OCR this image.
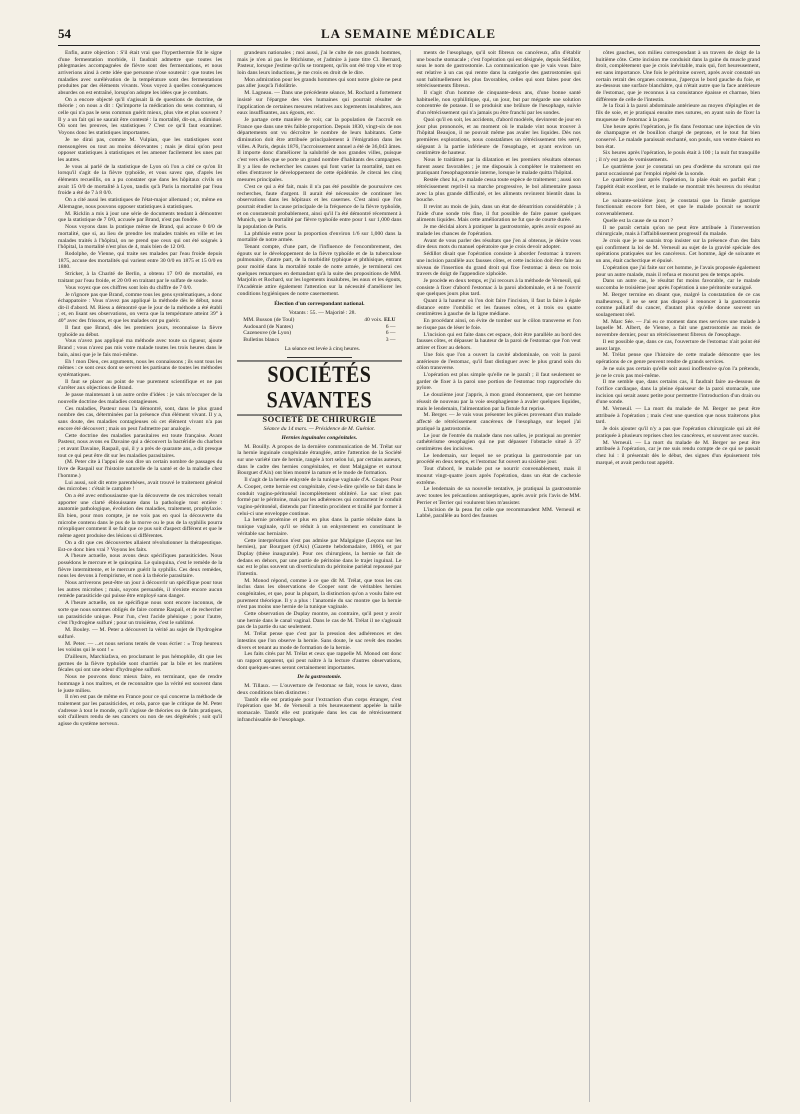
54	LA SEMAINE MÉDICALE

Enfin, autre objection : S'il était vrai que l'hyperthermie fût le signe d'une fermentation morbide, il faudrait admettre que toutes les phlegmasies accompagnées de fièvre sont des fermentations, et nous arriverions ainsi à cette idée que personne n'ose soutenir : que toutes les maladies avec surélévation de la température sont des fermentations produites par des éléments vivants. Vous voyez à quelles conséquences absurdes on est entraîné, lorsqu'on adopte les idées que je combats.

On a encore objecté qu'il s'agissait là de questions de doctrine, de théorie ; on nous a dit : Qu'importe la médication du sens commun, si celle qui n'a pas le sens commun guérit mieux, plus vite et plus souvent ? Il y a un fait qui ne saurait être contesté : la mortalité, dit-on, a diminué. Où sont les preuves, les statistiques ? C'est ce qu'il faut examiner. Voyons donc les statistiques importantes.

Je ne dirai pas, comme M. Vulpian, que les statistiques sont mensongères ou tout au moins décevantes ; mais je dirai qu'on peut opposer statistiques à statistiques et les amener facilement les unes par les autres.

Je vous ai parlé de la statistique de Lyon où l'on a cité ce qu'on lit lorsqu'il s'agit de la fièvre typhoïde, et vous savez que, d'après les éléments recueillis, on a pu constater que dans les hôpitaux civils on avait 15 0/0 de mortalité à Lyon, tandis qu'à Paris la mortalité par l'eau froide a été de 7 à 8 0/0.

On a cité aussi les statistiques de l'état-major allemand ; or, même en Allemagne, nous pouvons opposer statistiques à statistiques.

M. Ricklin a mis à jour une série de documents tendant à démontrer que la statistique de 7 0/0, accusée par Brand, n'est pas fondée.

Nous voyons dans la pratique même de Brand, qui accuse 0 0/0 de mortalité, que si, au lieu de prendre les malades traités en ville et les malades traités à l'hôpital, on ne prend que ceux qui ont été soignés à l'hôpital, la mortalité n'est plus de 4, mais bien de 12 0/0.

Rodolphe, de Vienne, qui traite ses malades par l'eau froide depuis 1875, accuse des mortalités qui varient entre 30 0/0 en 1875 et 15 0/0 en 1880.

Stricker, à la Charité de Berlin, a obtenu 17 0/0 de mortalité, en traitant par l'eau froide, et 20 0/0 en traitant par le sulfate de soude.

Vous voyez que ces chiffres sont loin du chiffre de 7 0/0.

Je n'ignore pas que Brand, comme tous les gens systématiques, a donc échappatoire : Vous n'avez pas appliqué la méthode dès le début, nous dit-il d'abord. M. Riess a démontré que le jour de la méthode a été établi ; et, en lisant ses observations, on verra que la température atteint 39° à 40° avec des frissons, et que les malades ont pu guérir.

Il faut que Brand, dès les premiers jours, reconnaisse la fièvre typhoïde au début.

Vous n'avez pas appliqué ma méthode avec toute sa rigueur, ajoute Brand ; vous n'avez pas mis votre malade toutes les trois heures dans le bain, ainsi que je le fais moi-même.

Eh ! mon Dieu, ces arguments, nous les connaissons ; ils sont tous les mêmes : ce sont ceux dont se servent les partisans de toutes les méthodes systématiques.

Il faut se placer au point de vue purement scientifique et ne pas s'arrêter aux objections de Brand.

Je passe maintenant à un autre ordre d'idées : je vais m'occuper de la nouvelle doctrine des maladies contagieuses.

Ces maladies, Pasteur nous l'a démontré, sont, dans le plus grand nombre des cas, déterminées par la présence d'un élément vivant. Il y a, sans doute, des maladies contagieuses où cet élément vivant n'a pas encore été découvert ; mais on peut l'admettre par analogie.

Cette doctrine des maladies parasitaires est toute française. Avant Pasteur, nous avons eu Davaine qui a découvert la bactéridie du charbon ; et avant Davaine, Raspail, qui, il y a près de quarante ans, a dit presque tout ce qui peut être dit sur les maladies parasitaires.

(M. Peter cite à l'appui de son dire un certain nombre de passages du livre de Raspail sur l'histoire naturelle de la santé et de la maladie chez l'homme.)

Lui aussi, soit dit entre parenthèses, avait trouvé le traitement général des microbes : c'était le camphre !

On a été avec enthousiasme que la découverte de ces microbes venait apporter une clarté éblouissante dans la pathologie tout entière : anatomie pathologique, évolution des maladies, traitement, prophylaxie. Eh bien, pour mon compte, je ne vois pas en quoi la découverte du microbe contenu dans le pus de la morve ou le pus de la syphilis pourra m'expliquer comment il se fait que ce pus soit d'aspect différent et que le même agent produise des lésions si différentes.

On a dit que ces découvertes allaient révolutionner la thérapeutique. Est-ce donc bien vrai ? Voyons les faits.

A l'heure actuelle, nous avons deux spécifiques parasiticides. Nous possédons le mercure et le quinquina. Le quinquina, c'est le remède de la fièvre intermittente, et le mercure guérit la syphilis. Ces deux remèdes, nous les devons à l'empirisme, et non à la théorie parasitaire.

Nous arriverons peut-être un jour à découvrir un spécifique pour tous les autres microbes ; mais, soyons persuadés, il n'existe encore aucun remède parasiticide qui puisse être employé sans danger.

A l'heure actuelle, on ne spécifique nous sont encore inconnus, de sorte que nous sommes obligés de faire comme Raspail, et de rechercher un parasiticide unique. Pour l'un, c'est l'acide phénique ; pour l'autre, c'est l'hydrogène sulfuré ; pour un troisième, c'est le sublimé.

M. Bouley. — M. Peter a découvert la vérité au sujet de l'hydrogène sulfuré.

M. Peter. — ...et nous serions tentés de vous écrier : « Trop heureux les voisins qui le sont ! »

D'ailleurs, Marchiafava, en proclamant le pus hémophile, dit que les germes de la fièvre typhoïde sont charriés par la bile et les matières fécales qui ont une odeur d'hydrogène sulfuré.

Nous ne pouvons donc mieux faire, en terminant, que de rendre hommage à nos maîtres, et de reconnaître que la vérité est souvent dans le juste milieu.

Il n'en est pas de même en France pour ce qui concerne la méthode de traitement par les parasiticides, et cela, parce que le critique de M. Peter s'adresse à tout le monde, qu'il s'agisse de théories ou de faits pratiques, soit d'ailleurs rendu de ses cancers ou non de ses dégénérés ; soit qu'il agisse du système nerveux.

grandeurs nationales ; moi aussi, j'ai le culte de nos grands hommes, mais je n'en ai pas le fétichisme, et j'admire à juste titre Cl. Bernard, Pasteur, lorsque j'estime qu'ils se trompent, qu'ils ont été trop vite et trop loin dans leurs inductions, je me crois en droit de le dire.

Mon admiration pour les grands hommes qui sont notre gloire ne peut pas aller jusqu'à l'idolâtrie.

M. Lagneau. — Dans une précédente séance, M. Rochard a fortement insisté sur l'épargne des vies humaines qui pourrait résulter de l'application de certaines mesures relatives aux logements insalubres, aux eaux insuffisantes, aux égouts, etc.

Je partage cette manière de voir, car la population de l'accroît en France que dans une très faible proportion. Depuis 1830, vingt-six de nos départements ont vu décroître le nombre de leurs habitants. Cette diminution doit être attribuée principalement à l'émigration dans les villes. A Paris, depuis 1876, l'accroissement annuel a été de 36,043 âmes. Il importe donc d'améliorer la salubrité de nos grandes villes, puisque c'est vers elles que se porte un grand nombre d'habitants des campagnes. Il y a lieu de rechercher les causes qui font varier la mortalité, tant en elles d'entraver le développement de cette épidémie. Je citerai les cinq mesures principales.

C'est ce qui a été fait, mais il n'a pas été possible de poursuivre ces recherches, faute d'argent. Il aurait été nécessaire de continuer les observations dans les hôpitaux et les casernes. C'est ainsi que l'on pourrait étudier la cause principale de la fréquence de la fièvre typhoïde, et on constaterait probablement, ainsi qu'il l'a été démontré récemment à Munich, que la mortalité par fièvre typhoïde entre pour 1 sur 1,000 dans la population de Paris.

La phthisie entre pour la proportion d'environ 1/6 sur 1,000 dans la mortalité de notre armée.

Tenant compte, d'une part, de l'influence de l'encombrement, des égouts sur le développement de la fièvre typhoïde et de la tuberculose pulmonaire, d'autre part, de la morbidité typhique et phthisique, entrant pour moitié dans la mortalité totale de notre armée, je terminerai ces quelques remarques en demandant qu'à la suite des propositions de MM. Marjolin et Rochard, sur les logements insalubres, les eaux et les égouts, l'Académie attire également l'attention sur la nécessité d'améliorer les conditions hygiéniques de notre casernement.

Élection d'un correspondant national.
Votants : 55. — Majorité : 28.
MM. Busson (de Toul)	40 voix. ELU
Audouard (de Nantes)	6 —
Cazeneuve (de Lyon)	6 —
Bulletins blancs	3 —
La séance est levée à cinq heures.
SOCIÉTÉS SAVANTES
SOCIÉTÉ DE CHIRURGIE
Séance du 14 mars. — Présidence de M. Guéniot.
Hernies inguinales congénitales.

M. Bouilly. A propos de la dernière communication de M. Trélat sur la hernie inguinale congénitale étranglée, attire l'attention de la Société sur une variété rare de hernie, rangée à tort selon lui, par certains auteurs, dans le cadre des hernies congénitales, et dont Malgaigne et surtout Bourguet d'Aix) ont bien montré la nature et le mode de formation.

Il s'agit de la hernie enkystée de la tunique vaginale d'A. Cooper. Pour A. Cooper, cette hernie est congénitale, c'est-à-dire qu'elle se fait dans le conduit vagino-péritonéal incomplètement oblitéré. Le sac n'est pas formé par le péritoine, mais par les adhérences qui contractent le conduit vagino-péritonéal, distendu par l'intestin procident et tiraillé par former à celui-ci une enveloppe continue.

La hernie proémine et plus en plus dans la partie réduite dans la tunique vaginale, qu'il se réduit à un enkystement en constituant le véritable sac herniaire.

Cette interprétation n'est pas admise par Malgaigne (Leçons sur les hernies), par Bourguet (d'Aix) (Gazette hebdomadaire, 1866), et par Duplay (thèse inaugurale). Pour ces chirurgiens, la hernie se fait de dedans en dehors, par une partie de péritoine dans le trajet inguinal. Le sac est le plus souvent un diverticulum du péritoine pariétal repoussé par l'intestin.

M. Monod répond, comme à ce que dit M. Trélat, que tous les cas inclus dans les observations de Cooper sont de véritables hernies congénitales, et que, pour la plupart, la distinction qu'on a voulu faire est purement théorique. Il y a plus : l'anatomie du sac montre que la hernie n'est pas moins une hernie de la tunique vaginale.

Cette observation de Duplay montre, au contraire, qu'il peut y avoir une hernie dans le canal vaginal. Dans le cas de M. Trélat il ne s'agissait pas de la partie du sac seulement.

M. Trélat pense que c'est par la pression des adhérences et des intestins que l'on observe la hernie. Sans doute, le sac revêt des modes divers et tenant au mode de formation de la hernie.

Les faits cités par M. Trélat et ceux que rappelle M. Monod ont donc un rapport apparent, qui peut naître à la lecture d'autres observations, dont quelques-unes seront certainement importantes.

De la gastrostomie.

M. Tillaux. — L'ouverture de l'estomac se fait, vous le savez, dans deux conditions bien distinctes :

Tantôt elle est pratiquée pour l'extraction d'un corps étranger, c'est l'opération que M. de Verneuil a très heureusement appelée la taille stomacale. Tantôt elle est pratiquée dans les cas de rétrécissement infranchissable de l'œsophage.

ments de l'œsophage, qu'il soit fibreux ou cancéreux, afin d'établir une bouche stomacale ; c'est l'opération qui est désignée, depuis Sédillot, sous le nom de gastrostomie. La communication que je vais vous faire est relative à un cas qui rentre dans la catégorie des gastrostomies qui sont habituellement les plus favorables, celles qui sont faites pour des rétrécissements fibreux.

Il s'agit d'un homme de cinquante-deux ans, d'une bonne santé habituelle, non syphilitique, qui, un jour, but par mégarde une solution concentrée de potasse. Il se produisit une brûlure de l'œsophage, suivie d'un rétrécissement qui n'a jamais pu être franchi par les sondes.

Quoi qu'il en soit, les accidents, d'abord modérés, devinrent de jour en jour plus prononcés, et au moment où le malade vint nous trouver à l'hôpital Beaujon, il ne pouvait même pas avaler les liquides. Dès nos premières explorations, nous constatâmes un rétrécissement très serré, siégeant à la partie inférieure de l'œsophage, et ayant environ un centimètre de hauteur.

Nous le traitâmes par la dilatation et les premiers résultats obtenus furent assez favorables ; je me disposais à compléter le traitement en pratiquant l'œsophagotomie interne, lorsque le malade quitta l'hôpital.

Restée chez lui, ce malade cessa toute espèce de traitement ; aussi son rétrécissement reprit-il sa marche progressive, le bol alimentaire passa avec la plus grande difficulté, et les aliments revinrent bientôt dans la bouche.

Il revint au mois de juin, dans un état de dénutrition considérable ; à l'aide d'une sonde très fine, il fut possible de faire passer quelques aliments liquides. Mais cette amélioration ne fut que de courte durée.

Je me décidai alors à pratiquer la gastrostomie, après avoir exposé au malade les chances de l'opération.

Avant de vous parler des résultats que j'en ai obtenus, je désire vous dire deux mots du manuel opératoire que je crois devoir adopter.

Sédillot disait que l'opération consiste à aborder l'estomac à travers une incision parallèle aux fausses côtes, et cette incision doit être faite au niveau de l'insertion du grand droit qui fixe l'estomac à deux ou trois travers de doigt de l'appendice xiphoïde.

Je procède en deux temps, et j'ai recours à la méthode de Verneuil, qui consiste à fixer d'abord l'estomac à la paroi abdominale, et à ne l'ouvrir que quelques jours plus tard.

Quant à la hauteur où l'on doit faire l'incision, il faut la faire à égale distance entre l'ombilic et les fausses côtes, et à trois ou quatre centimètres à gauche de la ligne médiane.

En procédant ainsi, on évite de tomber sur le côlon transverse et l'on ne risque pas de léser le foie.

L'incision qui est faite dans cet espace, doit être parallèle au bord des fausses côtes, et dépasser la hauteur de la paroi de l'estomac que l'on veut attirer et fixer au dehors.

Une fois que l'on a ouvert la cavité abdominale, on voit la paroi antérieure de l'estomac, qu'il faut distinguer avec le plus grand soin du côlon transverse.

L'opération est plus simple qu'elle ne le paraît ; il faut seulement se garder de fixer à la paroi une portion de l'estomac trop rapprochée du pylore.

Le douzième jour j'appris, à mon grand étonnement, que cet homme réussit de nouveau par la voie œsophagienne à avaler quelques liquides, mais le lendemain, l'alimentation par la fistule fut reprise.

M. Berger. — Je vais vous présenter les pièces provenant d'un malade affecté de rétrécissement cancéreux de l'œsophage, sur lequel j'ai pratiqué la gastrostomie.

Le jour de l'entrée du malade dans nos salles, je pratiquai au premier cathétérisme œsophagien qui ne put dépasser l'obstacle situé à 37 centimètres des incisives.

Le lendemain, sur lequel ne se pratiqua la gastrostomie par un procédé en deux temps, et l'estomac fut ouvert au sixième jour.

Tout d'abord, le malade put se nourrir convenablement, mais il mourut vingt-quatre jours après l'opération, dans un état de cachexie extrême.

Le lendemain de sa nouvelle tentative, je pratiquai la gastrostomie avec toutes les précautions antiseptiques, après avoir pris l'avis de MM. Perrier et Terrier qui voulurent bien m'assister.

L'incision de la peau fut celle que recommandent MM. Verneuil et Labbé, parallèle au bord des fausses

côtes gauches, son milieu correspondant à un travers de doigt de la huitième côte. Cette incision me conduisit dans la gaine du muscle grand droit, complètement que je crois inévitable, mais qui, fort heureusement, est sans importance. Une fois le péritoine ouvert, après avoir constaté un certain retrait des organes contenus, j'aperçus le bord gauche du foie, et au-dessous une surface blanchâtre, qui n'était autre que la face antérieure de l'estomac, que je reconnus à sa consistance épaisse et charnue, bien différente de celle de l'intestin.

Je la fixai à la paroi abdominale antérieure au moyen d'épingles et de fils de soie, et je pratiquai ensuite mes sutures, en ayant soin de fixer la muqueuse de l'estomac à la peau.

Une heure après l'opération, je fis dans l'estomac une injection de vin de champagne et de bouillon chargé de peptone, et le tout fut bien conservé. Le malade paraissait enchanté, son pouls, son ventre étaient en bon état.

Six heures après l'opération, le pouls était à 100 ; la nuit fut tranquille ; il n'y eut pas de vomissements.

Le quatrième jour je constatai un peu d'œdème du scrotum qui me parut occasionné par l'emploi répété de la sonde.

Le quatrième jour après l'opération, la plaie était en parfait état ; l'appétit était excellent, et le malade se montrait très heureux du résultat obtenu.

Le soixante-seizième jour, je constatai que la fistule gastrique fonctionnait encore fort bien, et que le malade pouvait se nourrir convenablement.

Quelle est la cause de sa mort ?

Il ne paraît certain qu'on ne peut être attribuée à l'intervention chirurgicale, mais à l'affaiblissement progressif du malade.

Je crois que je ne saurais trop insister sur la présence d'un des faits qui confirment la loi de M. Verneuil au sujet de la gravité spéciale des opérations pratiquées sur les cancéreux. Cet homme, âgé de soixante et un ans, était cachectique et épuisé.

L'opération que j'ai faite sur cet homme, je l'avais proposée également pour un autre malade, mais il refusa et mourut peu de temps après.

Dans un autre cas, le résultat fut moins favorable, car le malade succomba le troisième jour après l'opération à une péritonite suraiguë.

M. Berger termine en disant que, malgré la constatation de ce cas malheureux, il ne se sent pas disposé à renoncer à la gastrostomie comme palliatif du cancer, d'autant plus qu'elle donne souvent un soulagement réel.

M. Marc Sée. — J'ai eu ce moment dans mes services une malade à laquelle M. Albert, de Vienne, a fait une gastrostomie au mois de novembre dernier, pour un rétrécissement fibreux de l'œsophage.

Il est possible que, dans ce cas, l'ouverture de l'estomac n'ait point été assez large.

M. Trélat pense que l'histoire de cette malade démontre que les opérations de ce genre peuvent rendre de grands services.

Je ne suis pas certain qu'elle soit aussi inoffensive qu'on l'a prétendu, je ne le crois pas moi-même.

Il me semble que, dans certains cas, il faudrait faire au-dessous de l'orifice cardiaque, dans la pleine épaisseur de la paroi stomacale, une incision qui serait assez petite pour permettre l'introduction d'un drain ou d'une sonde.

M. Verneuil. — La mort du malade de M. Berger ne peut être attribuée à l'opération ; mais c'est une question que nous traiterons plus tard.

Je dois ajouter qu'il n'y a pas que l'opération chirurgicale qui ait été pratiquée à plusieurs reprises chez les cancéreux, et souvent avec succès.

M. Verneuil. — La mort du malade de M. Berger ne peut être attribuée à l'opération, car je me suis rendu compte de ce qui se passait chez lui : il présentait dès le début, des signes d'un épuisement très marqué, et avait perdu tout appétit.
